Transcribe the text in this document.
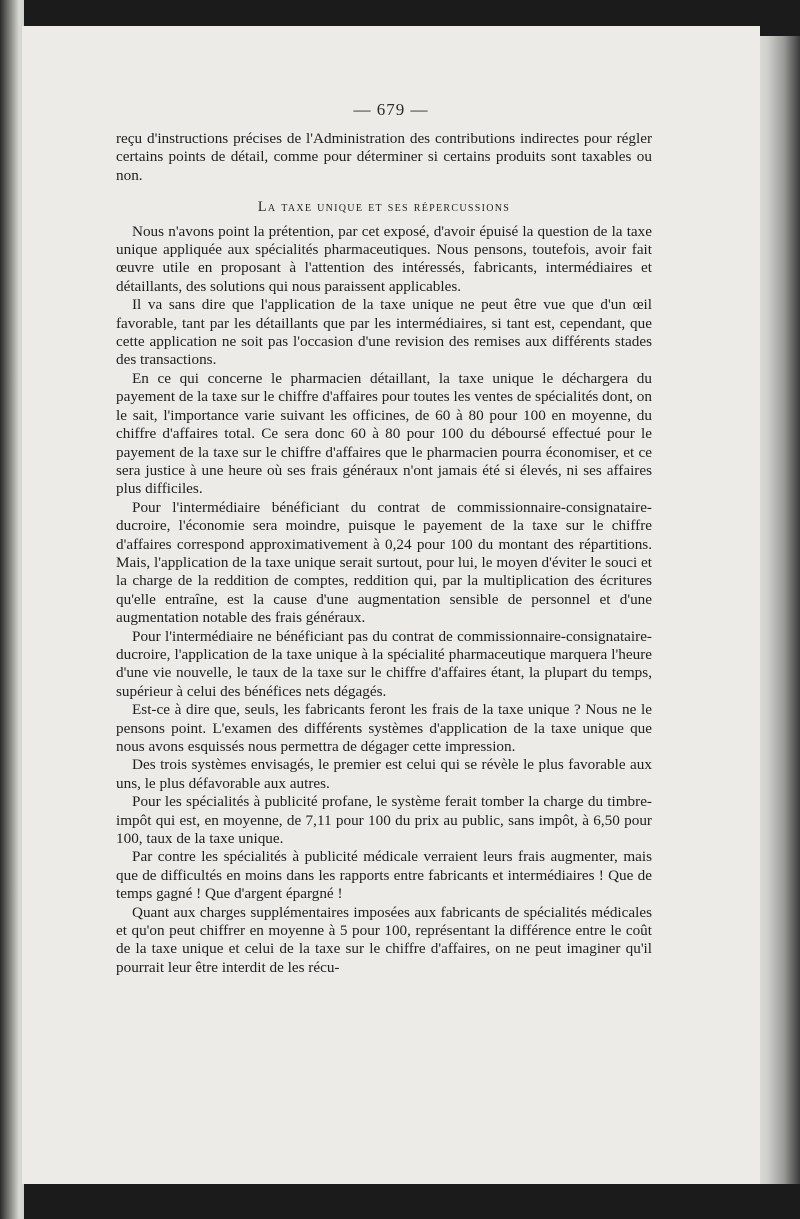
— 679 —

reçu d'instructions précises de l'Administration des contributions indirectes pour régler certains points de détail, comme pour déterminer si certains produits sont taxables ou non.

La taxe unique et ses répercussions

Nous n'avons point la prétention, par cet exposé, d'avoir épuisé la question de la taxe unique appliquée aux spécialités pharmaceutiques. Nous pensons, toutefois, avoir fait œuvre utile en proposant à l'attention des intéressés, fabricants, intermédiaires et détaillants, des solutions qui nous paraissent applicables.

Il va sans dire que l'application de la taxe unique ne peut être vue que d'un œil favorable, tant par les détaillants que par les intermédiaires, si tant est, cependant, que cette application ne soit pas l'occasion d'une revision des remises aux différents stades des transactions.

En ce qui concerne le pharmacien détaillant, la taxe unique le déchargera du payement de la taxe sur le chiffre d'affaires pour toutes les ventes de spécialités dont, on le sait, l'importance varie suivant les officines, de 60 à 80 pour 100 en moyenne, du chiffre d'affaires total. Ce sera donc 60 à 80 pour 100 du déboursé effectué pour le payement de la taxe sur le chiffre d'affaires que le pharmacien pourra économiser, et ce sera justice à une heure où ses frais généraux n'ont jamais été si élevés, ni ses affaires plus difficiles.

Pour l'intermédiaire bénéficiant du contrat de commissionnaire-consignataire-ducroire, l'économie sera moindre, puisque le payement de la taxe sur le chiffre d'affaires correspond approximativement à 0,24 pour 100 du montant des répartitions. Mais, l'application de la taxe unique serait surtout, pour lui, le moyen d'éviter le souci et la charge de la reddition de comptes, reddition qui, par la multiplication des écritures qu'elle entraîne, est la cause d'une augmentation sensible de personnel et d'une augmentation notable des frais généraux.

Pour l'intermédiaire ne bénéficiant pas du contrat de commissionnaire-consignataire-ducroire, l'application de la taxe unique à la spécialité pharmaceutique marquera l'heure d'une vie nouvelle, le taux de la taxe sur le chiffre d'affaires étant, la plupart du temps, supérieur à celui des bénéfices nets dégagés.

Est-ce à dire que, seuls, les fabricants feront les frais de la taxe unique ? Nous ne le pensons point. L'examen des différents systèmes d'application de la taxe unique que nous avons esquissés nous permettra de dégager cette impression.

Des trois systèmes envisagés, le premier est celui qui se révèle le plus favorable aux uns, le plus défavorable aux autres.

Pour les spécialités à publicité profane, le système ferait tomber la charge du timbre-impôt qui est, en moyenne, de 7,11 pour 100 du prix au public, sans impôt, à 6,50 pour 100, taux de la taxe unique.

Par contre les spécialités à publicité médicale verraient leurs frais augmenter, mais que de difficultés en moins dans les rapports entre fabricants et intermédiaires ! Que de temps gagné ! Que d'argent épargné !

Quant aux charges supplémentaires imposées aux fabricants de spécialités médicales et qu'on peut chiffrer en moyenne à 5 pour 100, représentant la différence entre le coût de la taxe unique et celui de la taxe sur le chiffre d'affaires, on ne peut imaginer qu'il pourrait leur être interdit de les récu-
